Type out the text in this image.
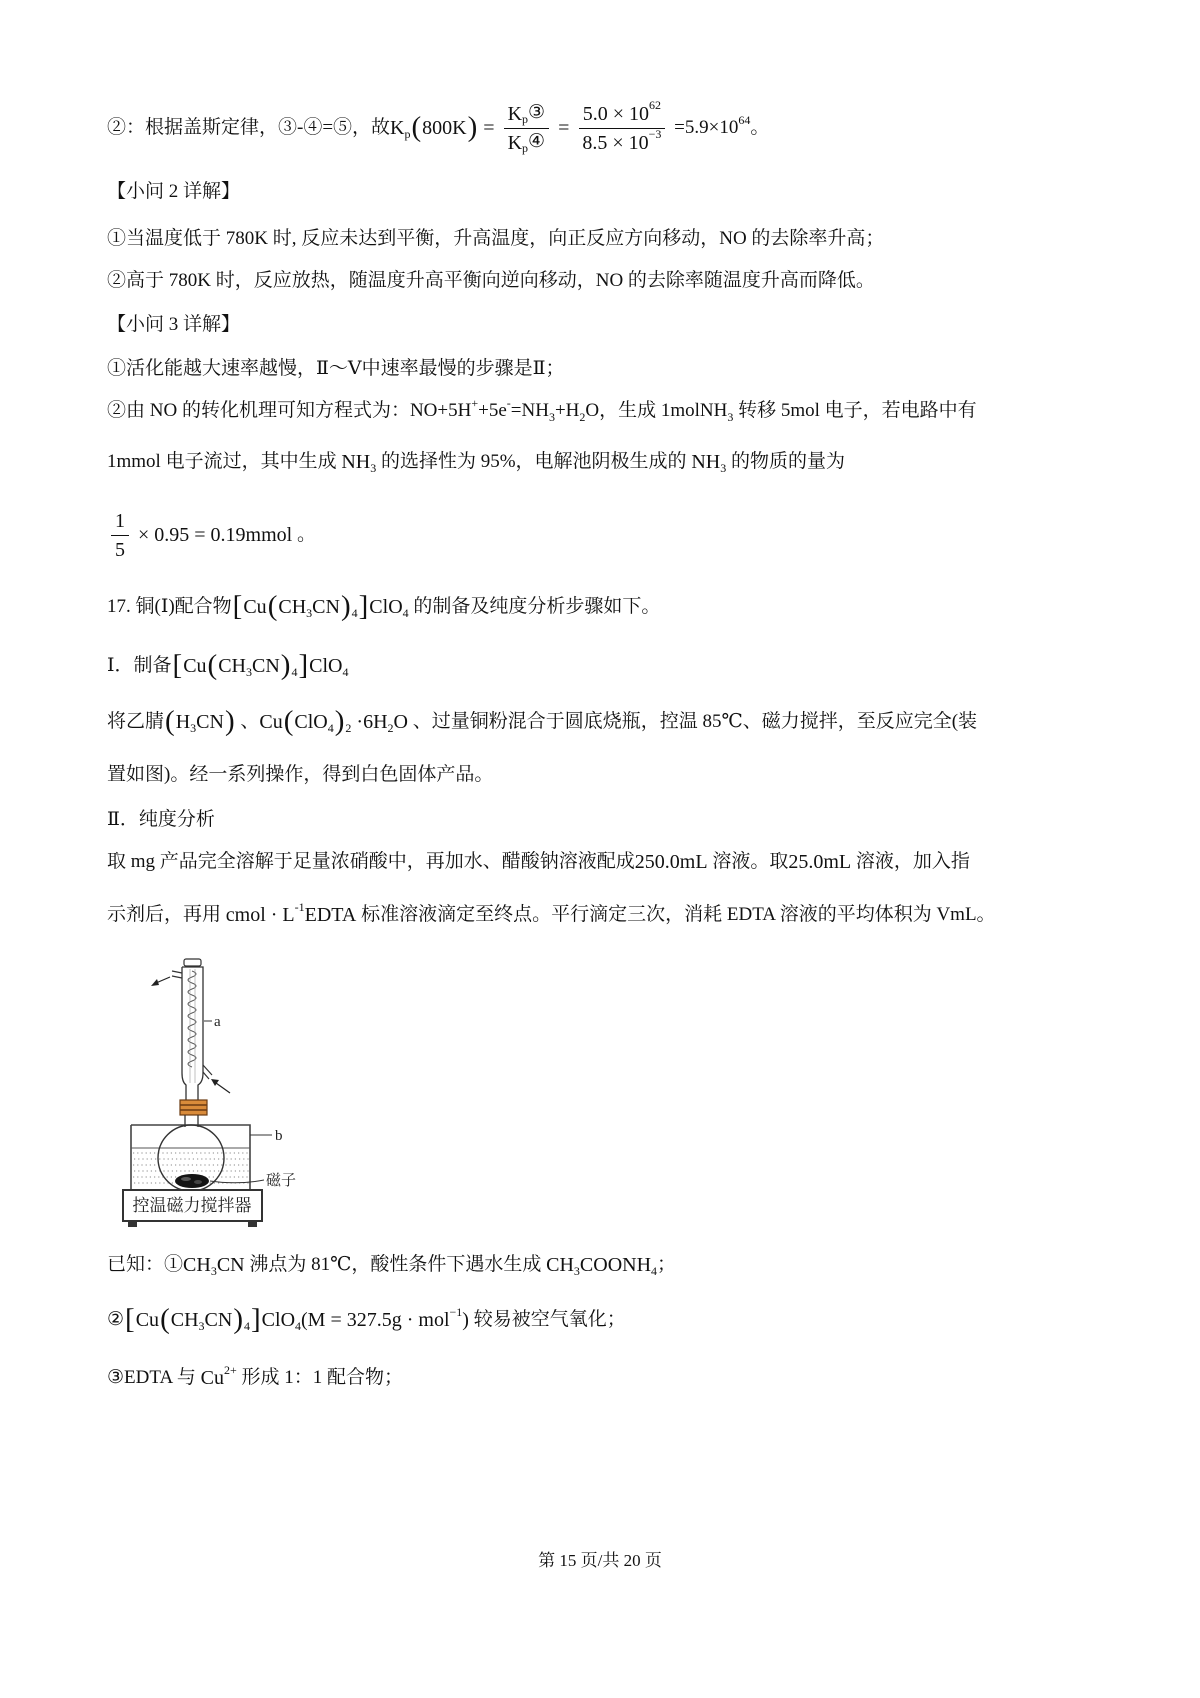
②：根据盖斯定律，③-④=⑤，故 K p ( 800K ) = $\frac{\text{K p ③}}{\text{K p ④}} = \frac{5.0 \times 10 62}{8.5 \times 10 -3} =5.9\times 10$ 64 。
【小问 2 详解】
①当温度低于 780K 时, 反应未达到平衡，升高温度，向正反应方向移动，NO 的去除率升高；
②高于 780K 时，反应放热，随温度升高平衡向逆向移动，NO 的去除率随温度升高而降低。
【小问 3 详解】
①活化能越大速率越慢，Ⅱ～Ⅴ中速率最慢的步骤是Ⅱ；
②由 NO 的转化机理可知方程式为：NO+5H + +5e - =NH 3 +H 2 O，生成 1molNH 3 转移 5mol 电子，若电路中有
1mmol 电子流过，其中生成 NH 3 的选择性为 95%，电解池阴极生成的 NH 3 的物质的量为
$\frac{1}{5} \times 0.95$ = 0.19mmol 。
17. 铜(Ⅰ)配合物 [ Cu ( CH 3 CN ) 4 ] ClO 4 的制备及纯度分析步骤如下。
Ⅰ．制备 [ Cu ( CH 3 CN ) 4 ] ClO 4
将乙腈 ( H 3 CN ) 、 Cu ( ClO 4 ) 2 ·6H 2 O 、过量铜粉混合于圆底烧瓶，控温 85℃、磁力搅拌，至反应完全(装
置如图)。经一系列操作，得到白色固体产品。
Ⅱ．纯度分析
取 mg 产品完全溶解于足量浓硝酸中，再加水、醋酸钠溶液配成 250.0mL 溶液。取 25.0mL 溶液，加入指
示剂后，再用 cmol · L -1 EDTA 标准溶液滴定至终点。平行滴定三次，消耗 EDTA 溶液的平均体积为 VmL。
a
b
磁子
控温磁力搅拌器
已知：① CH 3 CN 沸点为 81℃，酸性条件下遇水生成 CH 3 COONH 4 ；
② [ Cu ( CH 3 CN ) 4 ] ClO 4 (M = 327.5g · mol −1 ) 较易被空气氧化；
③EDTA 与 Cu 2+ 形成 1：1 配合物；
第 15 页/共 20 页
